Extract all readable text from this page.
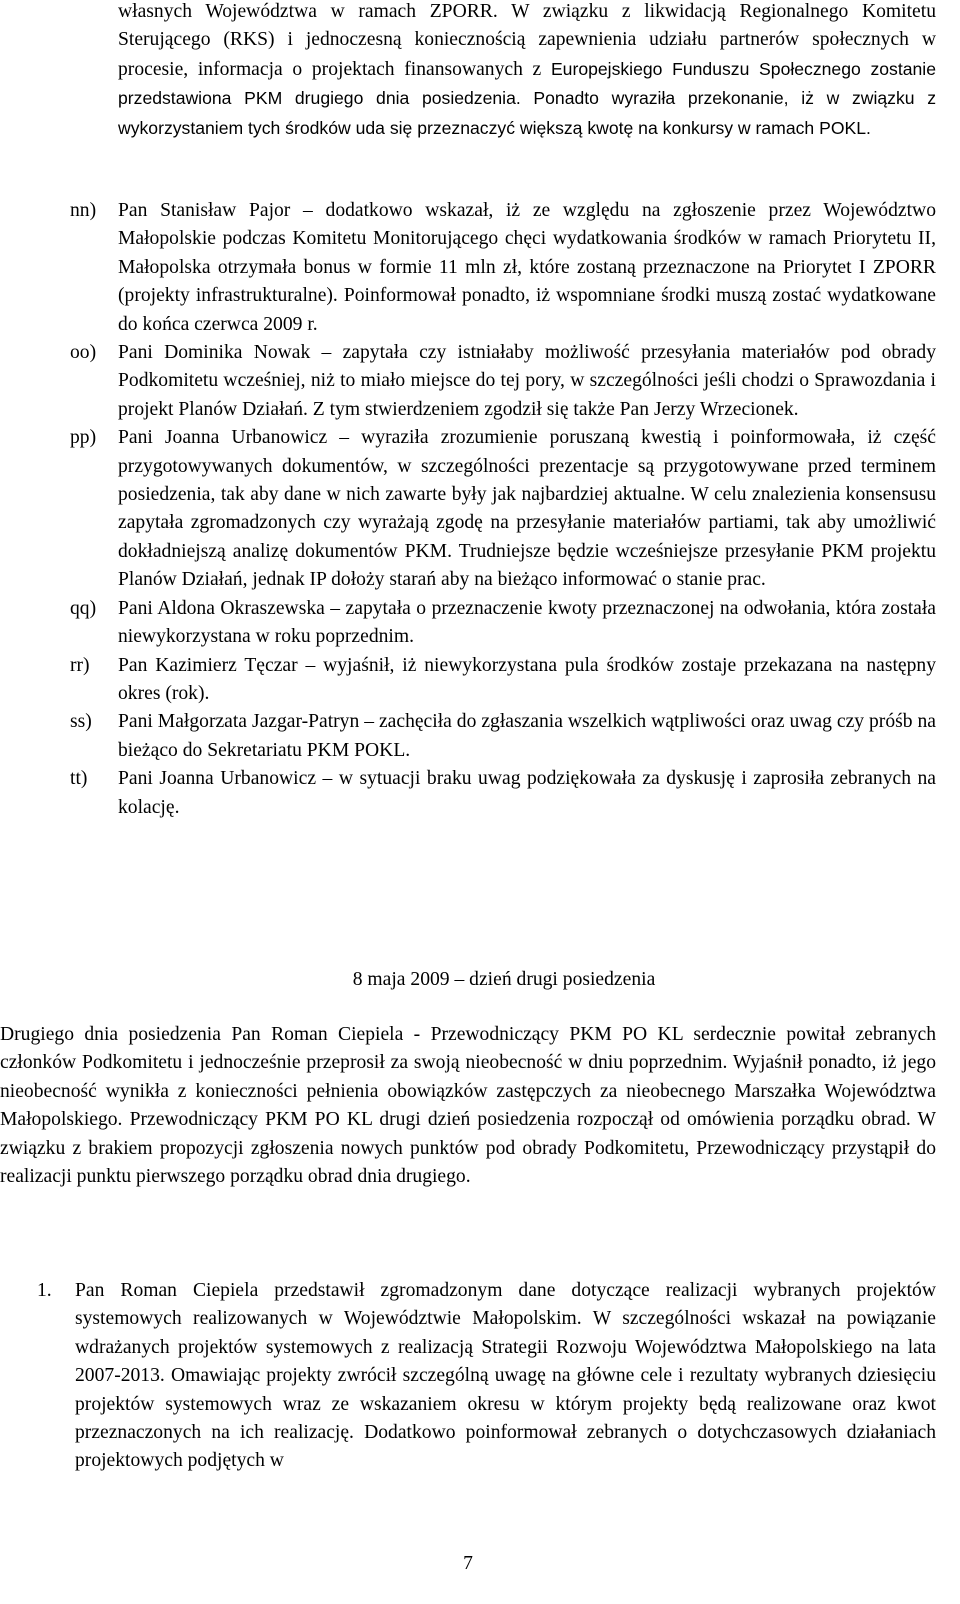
własnych Województwa w ramach ZPORR. W związku z likwidacją Regionalnego Komitetu Sterującego (RKS) i jednoczesną koniecznością zapewnienia udziału partnerów społecznych w procesie, informacja o projektach finansowanych z Europejskiego Funduszu Społecznego zostanie przedstawiona PKM drugiego dnia posiedzenia. Ponadto wyraziła przekonanie, iż w związku z wykorzystaniem tych środków uda się przeznaczyć większą kwotę na konkursy w ramach POKL.

nn)	Pan Stanisław Pajor – dodatkowo wskazał, iż ze względu na zgłoszenie przez Województwo Małopolskie podczas Komitetu Monitorującego chęci wydatkowania środków w ramach Priorytetu II, Małopolska otrzymała bonus w formie 11 mln zł, które zostaną przeznaczone na Priorytet I ZPORR (projekty infrastrukturalne). Poinformował ponadto, iż wspomniane środki muszą zostać wydatkowane do końca czerwca 2009 r.
oo)	Pani Dominika Nowak – zapytała czy istniałaby możliwość przesyłania materiałów pod obrady Podkomitetu wcześniej, niż to miało miejsce do tej pory, w szczególności jeśli chodzi o Sprawozdania i projekt Planów Działań. Z tym stwierdzeniem zgodził się także Pan Jerzy Wrzecionek.
pp)	Pani Joanna Urbanowicz – wyraziła zrozumienie poruszaną kwestią i poinformowała, iż część przygotowywanych dokumentów, w szczególności prezentacje są przygotowywane przed terminem posiedzenia, tak aby dane w nich zawarte były jak najbardziej aktualne. W celu znalezienia konsensusu zapytała zgromadzonych czy wyrażają zgodę na przesyłanie materiałów partiami, tak aby umożliwić dokładniejszą analizę dokumentów PKM. Trudniejsze będzie wcześniejsze przesyłanie PKM projektu Planów Działań, jednak IP dołoży starań aby na bieżąco informować o stanie prac.
qq)	Pani Aldona Okraszewska – zapytała o przeznaczenie kwoty przeznaczonej na odwołania, która została niewykorzystana w roku poprzednim.
rr)	Pan Kazimierz Tęczar – wyjaśnił, iż niewykorzystana pula środków zostaje przekazana na następny okres (rok).
ss)	Pani Małgorzata Jazgar-Patryn – zachęciła do zgłaszania wszelkich wątpliwości oraz uwag czy próśb na bieżąco do Sekretariatu PKM POKL.
tt)	Pani Joanna Urbanowicz – w sytuacji braku uwag podziękowała za dyskusję i zaprosiła zebranych na kolację.

8 maja 2009 – dzień drugi posiedzenia

Drugiego dnia posiedzenia Pan Roman Ciepiela - Przewodniczący PKM PO KL serdecznie powitał zebranych członków Podkomitetu i jednocześnie przeprosił za swoją nieobecność w dniu poprzednim. Wyjaśnił ponadto, iż jego nieobecność wynikła z konieczności pełnienia obowiązków zastępczych za nieobecnego Marszałka Województwa Małopolskiego. Przewodniczący PKM PO KL drugi dzień posiedzenia rozpoczął od omówienia porządku obrad. W związku z brakiem propozycji zgłoszenia nowych punktów pod obrady Podkomitetu, Przewodniczący przystąpił do realizacji punktu pierwszego porządku obrad dnia drugiego.

1.	Pan Roman Ciepiela przedstawił zgromadzonym dane dotyczące realizacji wybranych projektów systemowych realizowanych w Województwie Małopolskim. W szczególności wskazał na powiązanie wdrażanych projektów systemowych z realizacją Strategii Rozwoju Województwa Małopolskiego na lata 2007-2013. Omawiając projekty zwrócił szczególną uwagę na główne cele i rezultaty wybranych dziesięciu projektów systemowych wraz ze wskazaniem okresu w którym projekty będą realizowane oraz kwot przeznaczonych na ich realizację. Dodatkowo poinformował zebranych o dotychczasowych działaniach projektowych podjętych w

7
